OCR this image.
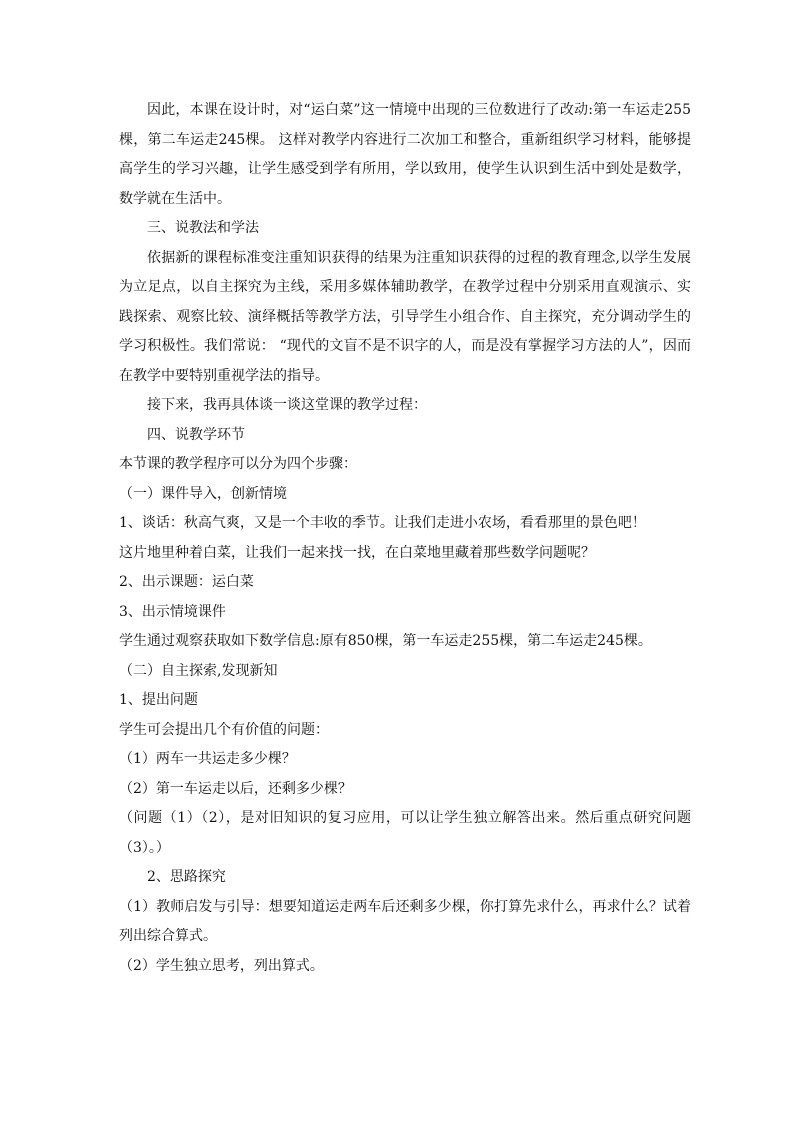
因此，本课在设计时，对“运白菜”这一情境中出现的三位数进行了改动:第一车运走255棵，第二车运走245棵。 这样对教学内容进行二次加工和整合，重新组织学习材料，能够提高学生的学习兴趣，让学生感受到学有所用，学以致用，使学生认识到生活中到处是数学，数学就在生活中。

三、说教法和学法

依据新的课程标准变注重知识获得的结果为注重知识获得的过程的教育理念,以学生发展为立足点，以自主探究为主线，采用多媒体辅助教学，在教学过程中分别采用直观演示、实践探索、观察比较、演绎概括等教学方法，引导学生小组合作、自主探究，充分调动学生的学习积极性。我们常说： “现代的文盲不是不识字的人，而是没有掌握学习方法的人”，因而在教学中要特别重视学法的指导。

接下来，我再具体谈一谈这堂课的教学过程：

四、说教学环节

本节课的教学程序可以分为四个步骤：

（一）课件导入，创新情境

1、谈话：秋高气爽，又是一个丰收的季节。让我们走进小农场，看看那里的景色吧！

这片地里种着白菜，让我们一起来找一找，在白菜地里藏着那些数学问题呢？

2、出示课题：运白菜

3、出示情境课件

学生通过观察获取如下数学信息:原有850棵，第一车运走255棵，第二车运走245棵。

（二）自主探索,发现新知

1、提出问题

学生可会提出几个有价值的问题：

（1）两车一共运走多少棵？

（2）第一车运走以后，还剩多少棵？

（问题（1）（2），是对旧知识的复习应用，可以让学生独立解答出来。然后重点研究问题（3）。）

2、思路探究

（1）教师启发与引导：想要知道运走两车后还剩多少棵，你打算先求什么，再求什么？试着列出综合算式。

（2）学生独立思考，列出算式。
